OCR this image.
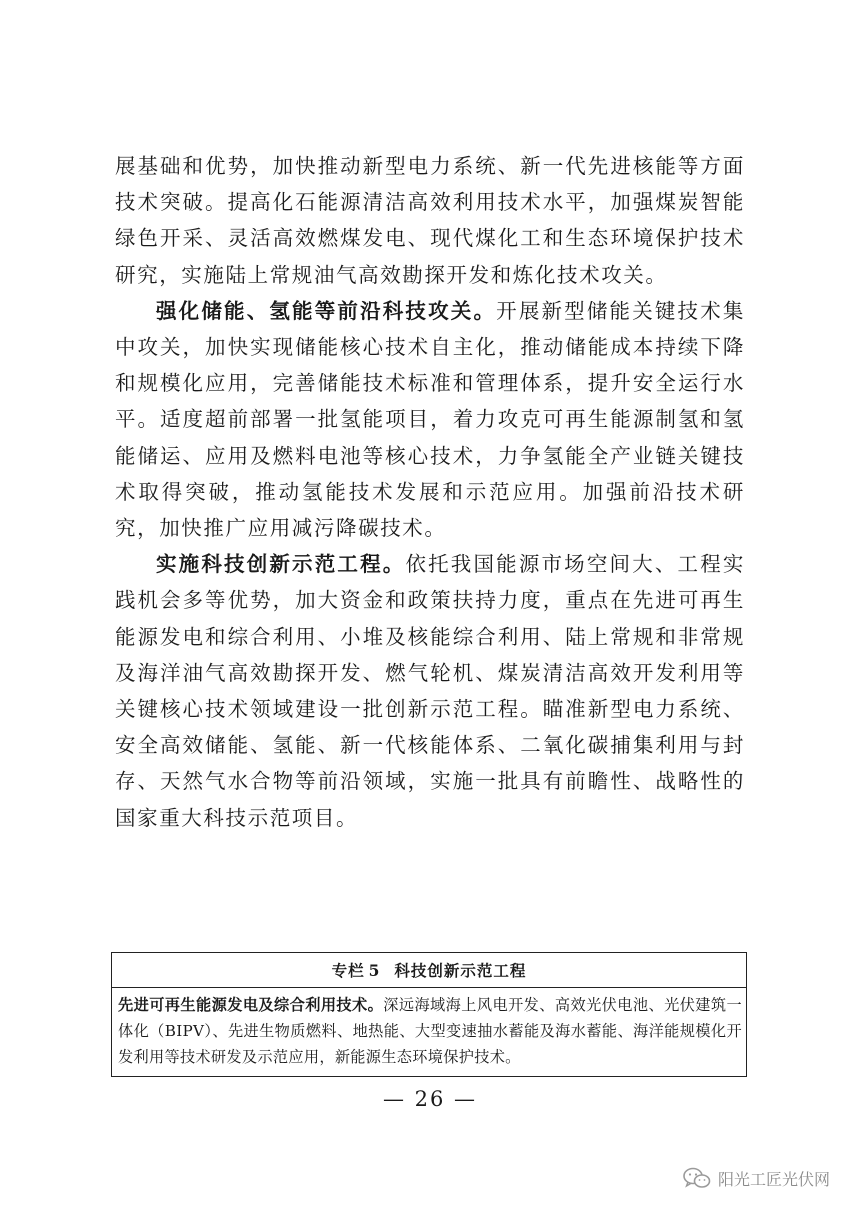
展基础和优势，加快推动新型电力系统、新一代先进核能等方面技术突破。提高化石能源清洁高效利用技术水平，加强煤炭智能绿色开采、灵活高效燃煤发电、现代煤化工和生态环境保护技术研究，实施陆上常规油气高效勘探开发和炼化技术攻关。

强化储能、氢能等前沿科技攻关。开展新型储能关键技术集中攻关，加快实现储能核心技术自主化，推动储能成本持续下降和规模化应用，完善储能技术标准和管理体系，提升安全运行水平。适度超前部署一批氢能项目，着力攻克可再生能源制氢和氢能储运、应用及燃料电池等核心技术，力争氢能全产业链关键技术取得突破，推动氢能技术发展和示范应用。加强前沿技术研究，加快推广应用减污降碳技术。

实施科技创新示范工程。依托我国能源市场空间大、工程实践机会多等优势，加大资金和政策扶持力度，重点在先进可再生能源发电和综合利用、小堆及核能综合利用、陆上常规和非常规及海洋油气高效勘探开发、燃气轮机、煤炭清洁高效开发利用等关键核心技术领域建设一批创新示范工程。瞄准新型电力系统、安全高效储能、氢能、新一代核能体系、二氧化碳捕集利用与封存、天然气水合物等前沿领域，实施一批具有前瞻性、战略性的国家重大科技示范项目。

专栏 5 科技创新示范工程
先进可再生能源发电及综合利用技术。深远海域海上风电开发、高效光伏电池、光伏建筑一体化（BIPV）、先进生物质燃料、地热能、大型变速抽水蓄能及海水蓄能、海洋能规模化开发利用等技术研发及示范应用，新能源生态环境保护技术。
— 26 —
阳光工匠光伏网
